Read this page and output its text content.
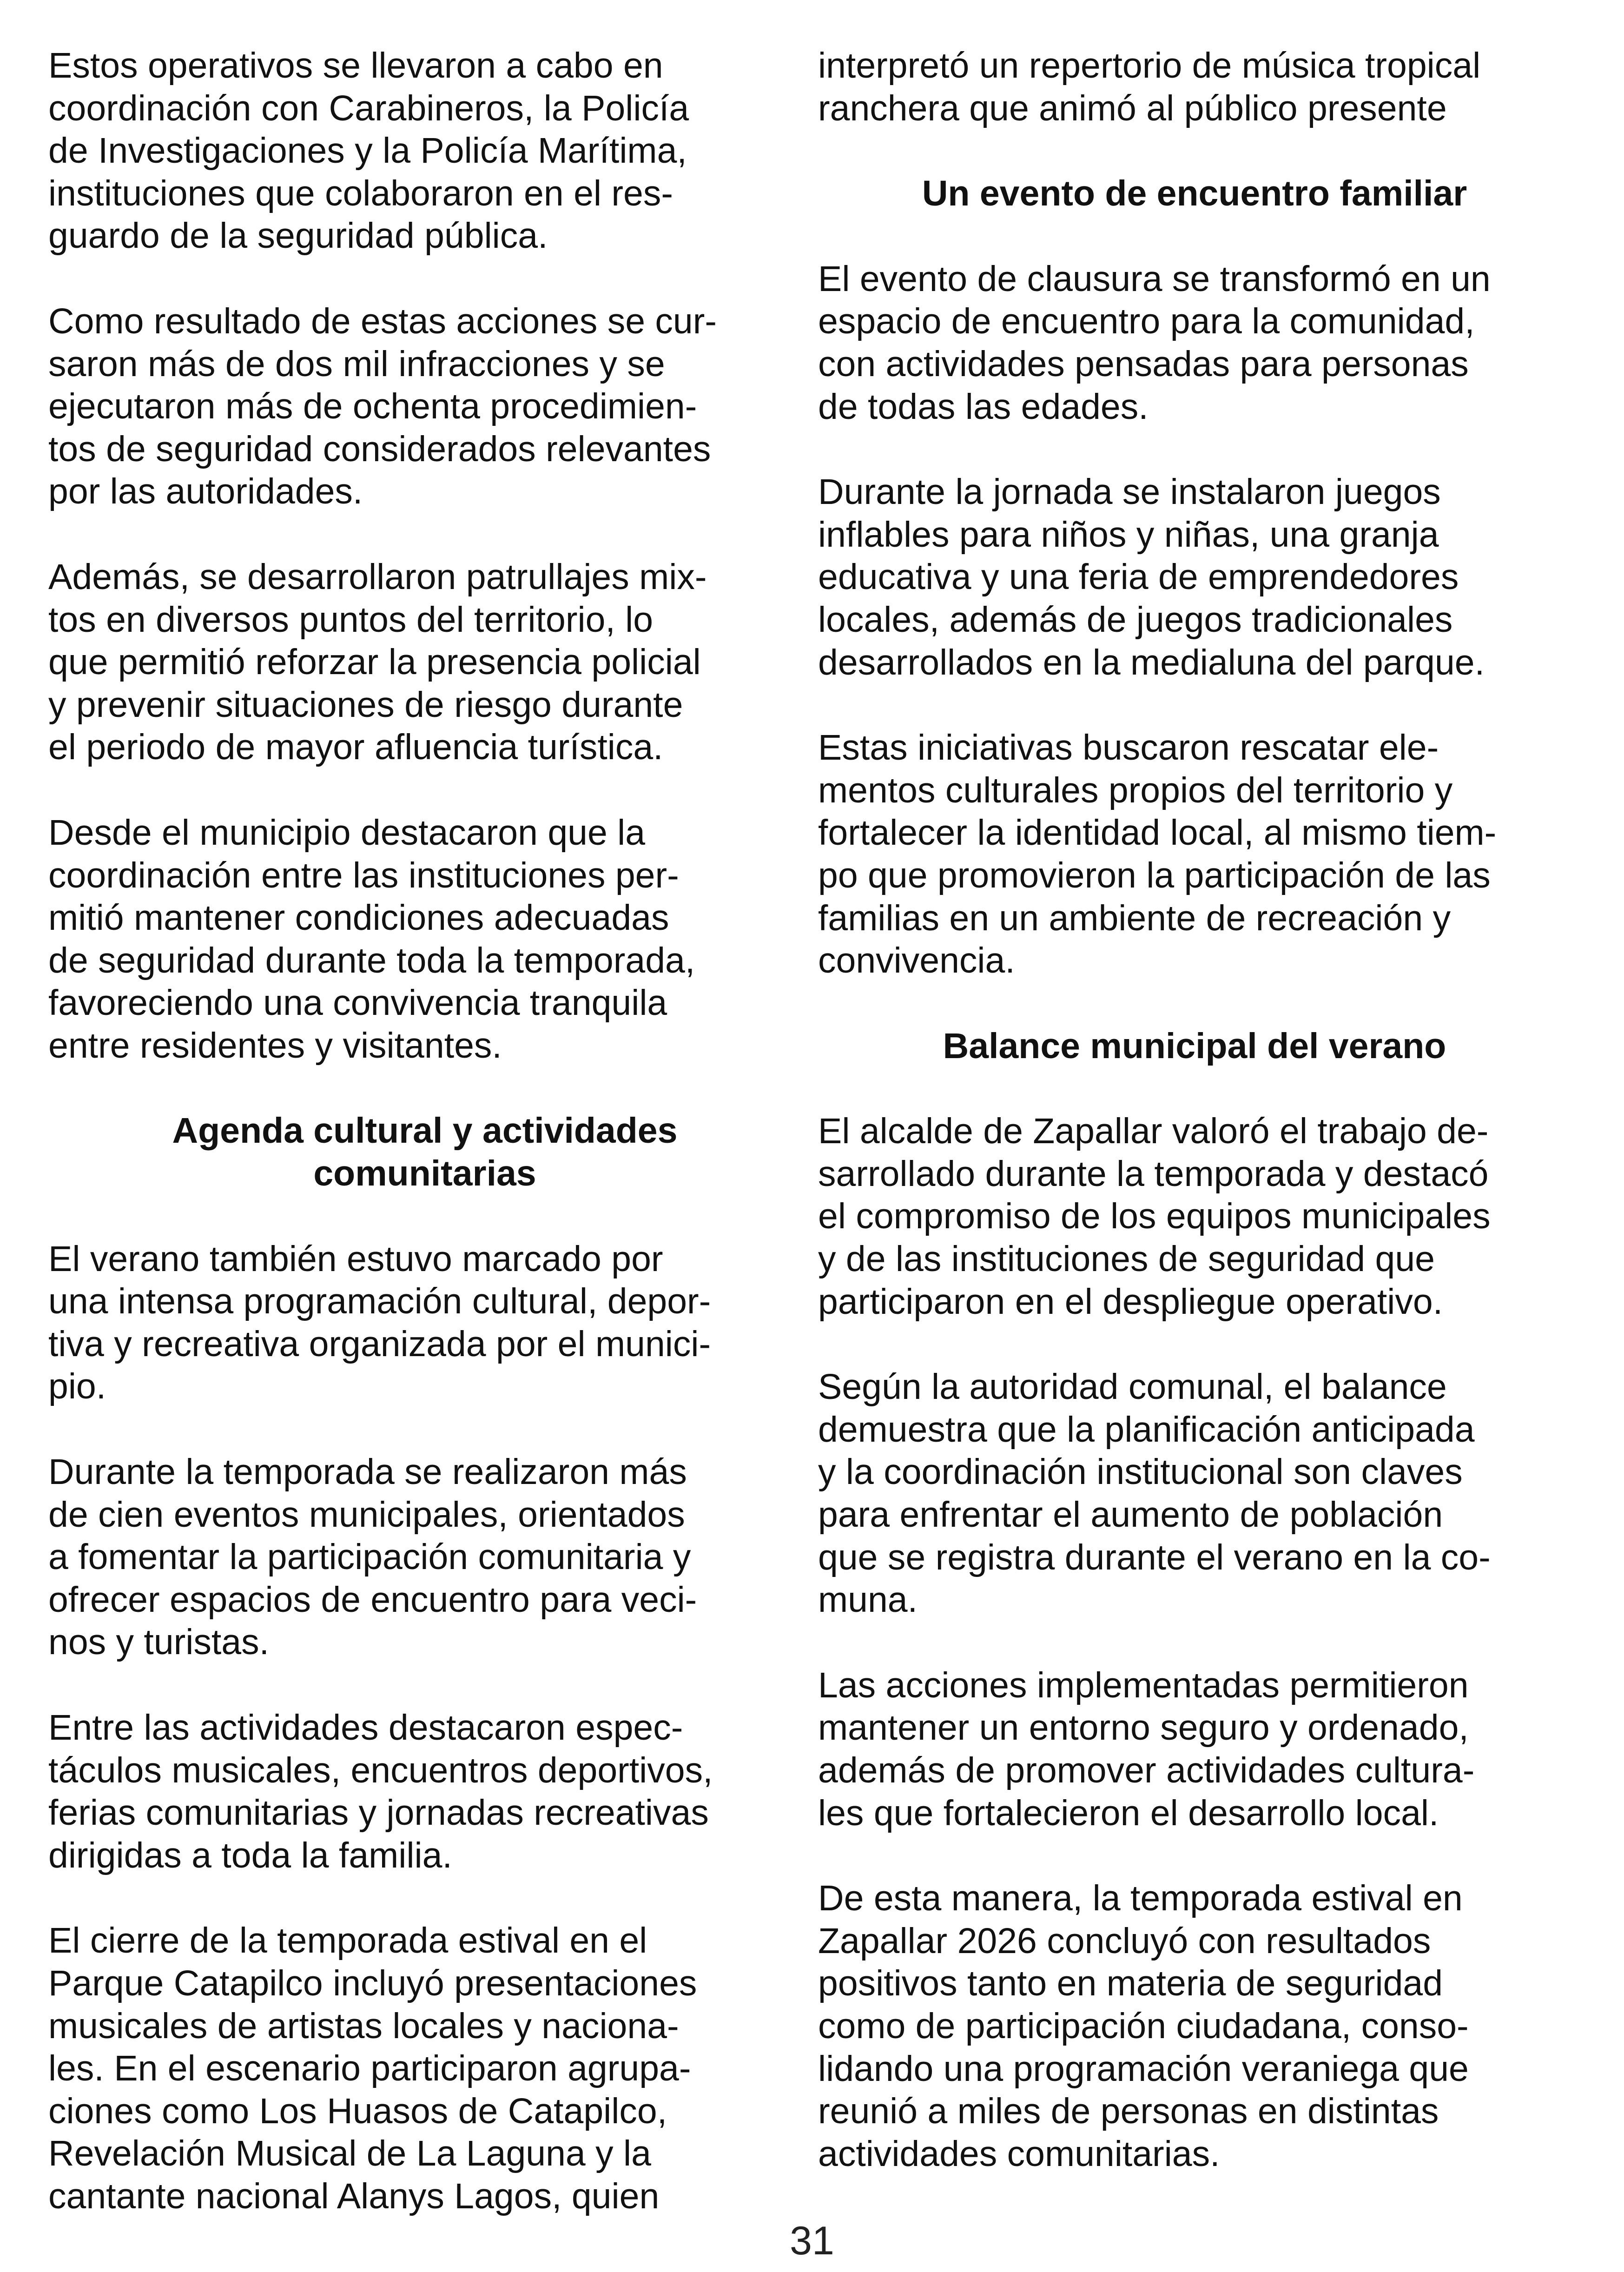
Estos operativos se llevaron a cabo en
coordinación con Carabineros, la Policía
de Investigaciones y la Policía Marítima,
instituciones que colaboraron en el res-
guardo de la seguridad pública.

Como resultado de estas acciones se cur-
saron más de dos mil infracciones y se
ejecutaron más de ochenta procedimien-
tos de seguridad considerados relevantes
por las autoridades.

Además, se desarrollaron patrullajes mix-
tos en diversos puntos del territorio, lo
que permitió reforzar la presencia policial
y prevenir situaciones de riesgo durante
el periodo de mayor afluencia turística.

Desde el municipio destacaron que la
coordinación entre las instituciones per-
mitió mantener condiciones adecuadas
de seguridad durante toda la temporada,
favoreciendo una convivencia tranquila
entre residentes y visitantes.

Agenda cultural y actividades
comunitarias

El verano también estuvo marcado por
una intensa programación cultural, depor-
tiva y recreativa organizada por el munici-
pio.

Durante la temporada se realizaron más
de cien eventos municipales, orientados
a fomentar la participación comunitaria y
ofrecer espacios de encuentro para veci-
nos y turistas.

Entre las actividades destacaron espec-
táculos musicales, encuentros deportivos,
ferias comunitarias y jornadas recreativas
dirigidas a toda la familia.

El cierre de la temporada estival en el
Parque Catapilco incluyó presentaciones
musicales de artistas locales y naciona-
les. En el escenario participaron agrupa-
ciones como Los Huasos de Catapilco,
Revelación Musical de La Laguna y la
cantante nacional Alanys Lagos, quien

interpretó un repertorio de música tropical
ranchera que animó al público presente

Un evento de encuentro familiar

El evento de clausura se transformó en un
espacio de encuentro para la comunidad,
con actividades pensadas para personas
de todas las edades.

Durante la jornada se instalaron juegos
inflables para niños y niñas, una granja
educativa y una feria de emprendedores
locales, además de juegos tradicionales
desarrollados en la medialuna del parque.

Estas iniciativas buscaron rescatar ele-
mentos culturales propios del territorio y
fortalecer la identidad local, al mismo tiem-
po que promovieron la participación de las
familias en un ambiente de recreación y
convivencia.

Balance municipal del verano

El alcalde de Zapallar valoró el trabajo de-
sarrollado durante la temporada y destacó
el compromiso de los equipos municipales
y de las instituciones de seguridad que
participaron en el despliegue operativo.

Según la autoridad comunal, el balance
demuestra que la planificación anticipada
y la coordinación institucional son claves
para enfrentar el aumento de población
que se registra durante el verano en la co-
muna.

Las acciones implementadas permitieron
mantener un entorno seguro y ordenado,
además de promover actividades cultura-
les que fortalecieron el desarrollo local.

De esta manera, la temporada estival en
Zapallar 2026 concluyó con resultados
positivos tanto en materia de seguridad
como de participación ciudadana, conso-
lidando una programación veraniega que
reunió a miles de personas en distintas
actividades comunitarias.

31
